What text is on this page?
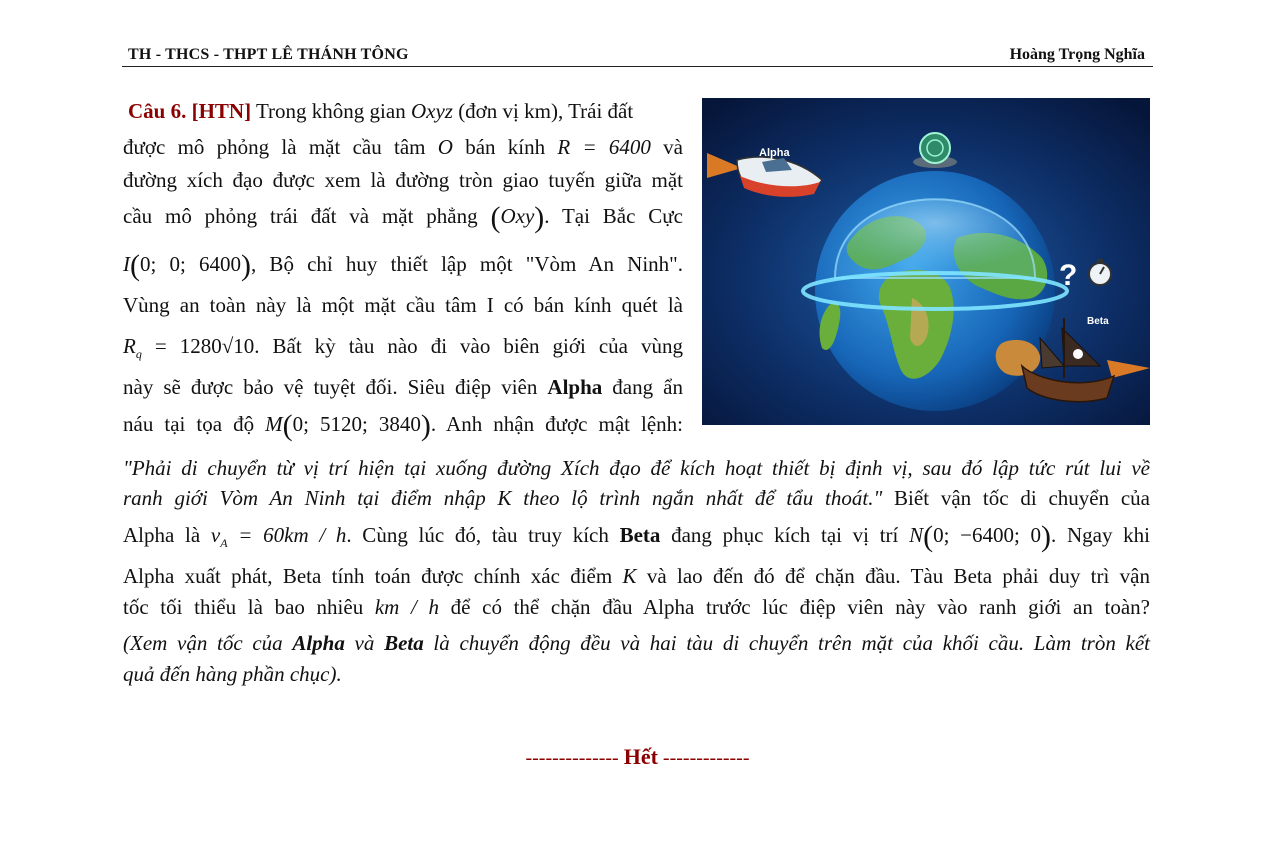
TH - THCS - THPT LÊ THÁNH TÔNG	Hoàng Trọng Nghĩa
Câu 6. [HTN] Trong không gian Oxyz (đơn vị km), Trái đất
được mô phỏng là mặt cầu tâm O bán kính R = 6400 và
đường xích đạo được xem là đường tròn giao tuyến giữa mặt
cầu mô phỏng trái đất và mặt phẳng (Oxy). Tại Bắc Cực
I(0; 0; 6400), Bộ chỉ huy thiết lập một "Vòm An Ninh".
Vùng an toàn này là một mặt cầu tâm I có bán kính quét là
$R_q = 1280√10$. Bất kỳ tàu nào đi vào biên giới của vùng
này sẽ được bảo vệ tuyệt đối. Siêu điệp viên Alpha đang ẩn
náu tại tọa độ M(0; 5120; 3840). Anh nhận được mật lệnh:
"Phải di chuyển từ vị trí hiện tại xuống đường Xích đạo để kích hoạt thiết bị định vị, sau đó lập tức rút lui về
ranh giới Vòm An Ninh tại điểm nhập K theo lộ trình ngắn nhất để tẩu thoát." Biết vận tốc di chuyển của
Alpha là $v_A = 60km / h$. Cùng lúc đó, tàu truy kích Beta đang phục kích tại vị trí N(0; −6400; 0). Ngay khi
Alpha xuất phát, Beta tính toán được chính xác điểm K và lao đến đó để chặn đầu. Tàu Beta phải duy trì vận
tốc tối thiểu là bao nhiêu km / h để có thể chặn đầu Alpha trước lúc điệp viên này vào ranh giới an toàn?
(Xem vận tốc của Alpha và Beta là chuyển động đều và hai tàu di chuyển trên mặt của khối cầu. Làm tròn kết
quả đến hàng phần chục).
Alpha
?
Beta
-------------- Hết -------------
